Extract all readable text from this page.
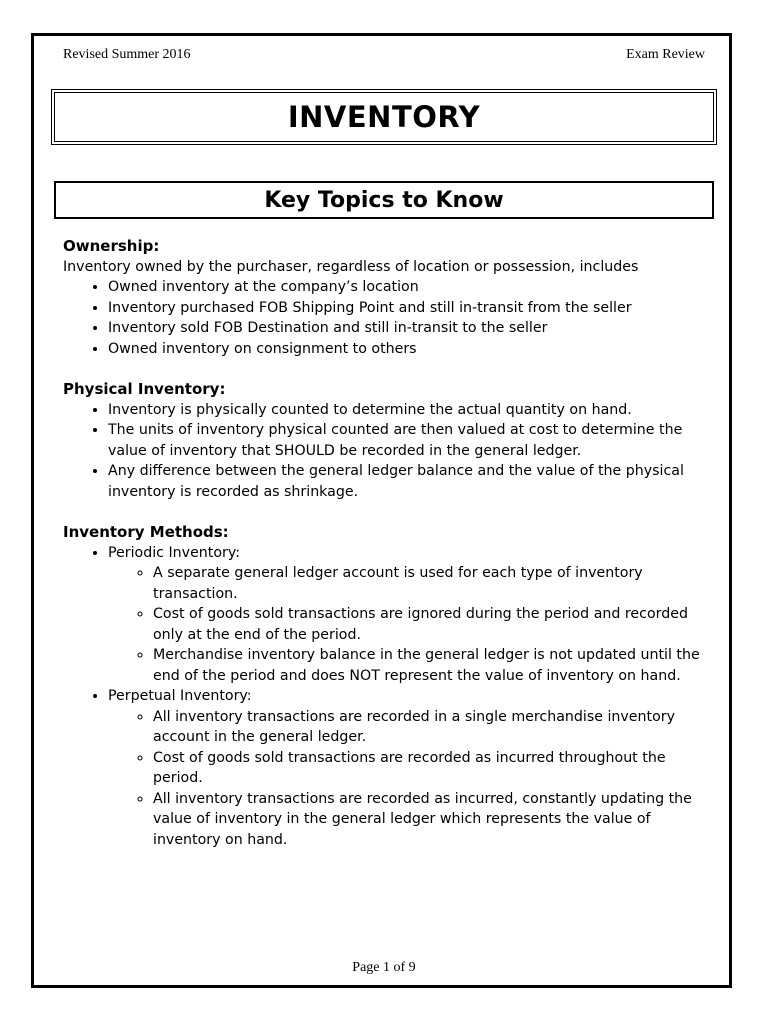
Revised Summer 2016	Exam Review
INVENTORY
Key Topics to Know

Ownership:

Inventory owned by the purchaser, regardless of location or possession, includes

• Owned inventory at the company’s location
• Inventory purchased FOB Shipping Point and still in-transit from the seller
• Inventory sold FOB Destination and still in-transit to the seller
• Owned inventory on consignment to others

Physical Inventory:

• Inventory is physically counted to determine the actual quantity on hand.
• The units of inventory physical counted are then valued at cost to determine the value of inventory that SHOULD be recorded in the general ledger.
• Any difference between the general ledger balance and the value of the physical inventory is recorded as shrinkage.

Inventory Methods:

• Periodic Inventory:
◦ A separate general ledger account is used for each type of inventory transaction.
◦ Cost of goods sold transactions are ignored during the period and recorded only at the end of the period.
◦ Merchandise inventory balance in the general ledger is not updated until the end of the period and does NOT represent the value of inventory on hand.
• Perpetual Inventory:
◦ All inventory transactions are recorded in a single merchandise inventory account in the general ledger.
◦ Cost of goods sold transactions are recorded as incurred throughout the period.
◦ All inventory transactions are recorded as incurred, constantly updating the value of inventory in the general ledger which represents the value of inventory on hand.
Page 1 of 9
